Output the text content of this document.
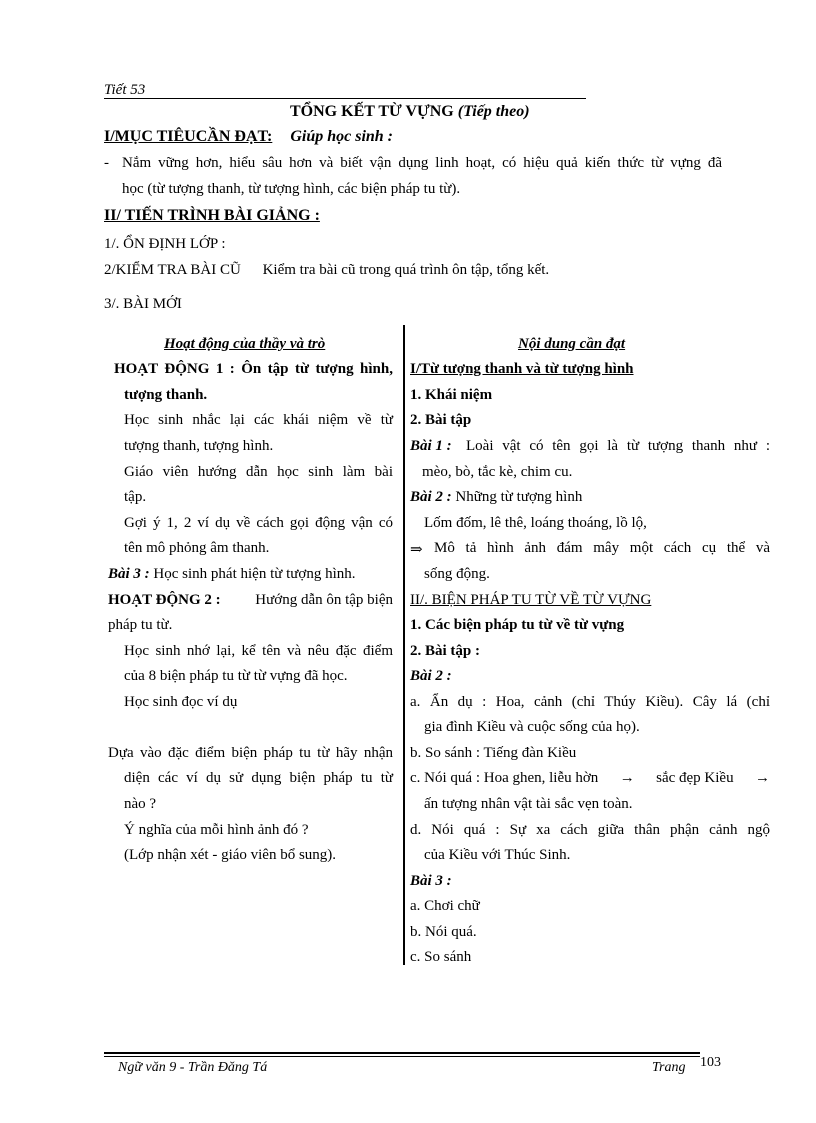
Tiết 53
TỔNG KẾT TỪ VỰNG (Tiếp theo)
I/MỤC TIÊUCẦN ĐẠT: Giúp học sinh :
- Nắm vững hơn, hiểu sâu hơn và biết vận dụng linh hoạt, có hiệu quả kiến thức từ vựng đã
học (từ tượng thanh, từ tượng hình, các biện pháp tu từ).
II/ TIẾN TRÌNH BÀI GIẢNG :
1/. ỔN ĐỊNH LỚP :
2/KIỂM TRA BÀI CŨ Kiểm tra bài cũ trong quá trình ôn tập, tổng kết.
3/. BÀI MỚI
Hoạt động của thầy và trò
HOẠT ĐỘNG 1 : Ôn tập từ tượng hình,
tượng thanh.
Học sinh nhắc lại các khái niệm về từ
tượng thanh, tượng hình.
Giáo viên hướng dẫn học sinh làm bài
tập.
Gợi ý 1, 2 ví dụ về cách gọi động vận có
tên mô phỏng âm thanh.
Bài 3 : Học sinh phát hiện từ tượng hình.
HOẠT ĐỘNG 2 : Hướng dẫn ôn tập biện
pháp tu từ.
Học sinh nhớ lại, kể tên và nêu đặc điểm
của 8 biện pháp tu từ từ vựng đã học.
Học sinh đọc ví dụ
Dựa vào đặc điểm biện pháp tu từ hãy nhận
diện các ví dụ sử dụng biện pháp tu từ
nào ?
Ý nghĩa của mỗi hình ảnh đó ?
(Lớp nhận xét - giáo viên bổ sung).
Nội dung cần đạt
I/Từ tượng thanh và từ tượng hình
1. Khái niệm
2. Bài tập
Bài 1 : Loài vật có tên gọi là từ tượng thanh như :
mèo, bò, tắc kè, chim cu.
Bài 2 : Những từ tượng hình
Lốm đốm, lê thê, loáng thoáng, lồ lộ,
⇒ Mô tả hình ảnh đám mây một cách cụ thể và
sống động.
II/. BIỆN PHÁP TU TỪ VỀ TỪ VỰNG
1. Các biện pháp tu từ về từ vựng
2. Bài tập :
Bài 2 :
a. Ẩn dụ : Hoa, cảnh (chỉ Thúy Kiều). Cây lá (chỉ
gia đình Kiều và cuộc sống của họ).
b. So sánh : Tiếng đàn Kiều
c. Nói quá : Hoa ghen, liễu hờn → sắc đẹp Kiều →
ấn tượng nhân vật tài sắc vẹn toàn.
d. Nói quá : Sự xa cách giữa thân phận cảnh ngộ
của Kiều với Thúc Sinh.
Bài 3 :
a. Chơi chữ
b. Nói quá.
c. So sánh
Ngữ văn 9 - Trần Đăng Tá	Trang 103
